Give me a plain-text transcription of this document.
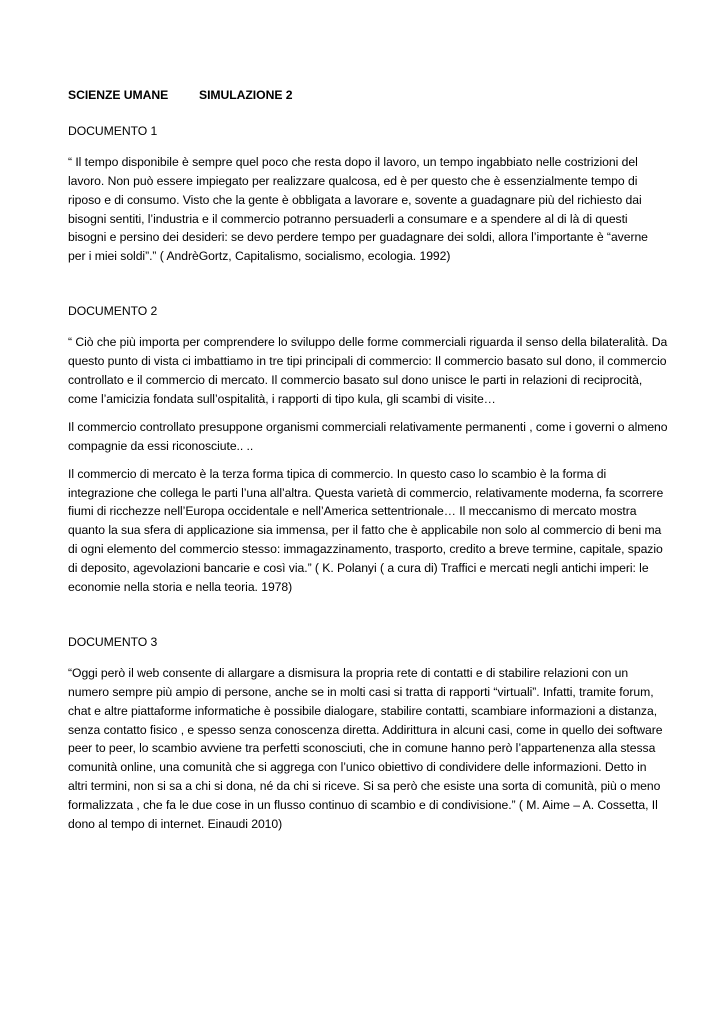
SCIENZE UMANE	SIMULAZIONE 2
DOCUMENTO 1

“ Il tempo disponibile è sempre quel poco che resta dopo il lavoro, un tempo ingabbiato nelle costrizioni del lavoro. Non può essere impiegato per realizzare qualcosa, ed è per questo che è essenzialmente tempo di riposo e di consumo. Visto che la gente è obbligata a lavorare e, sovente a guadagnare più del richiesto dai bisogni sentiti, l’industria e il commercio potranno persuaderli a consumare e a spendere al di là di questi bisogni e persino dei desideri: se devo perdere tempo per guadagnare dei soldi, allora l’importante è “averne per i miei soldi”.” ( AndrèGortz, Capitalismo, socialismo, ecologia. 1992)

DOCUMENTO 2

“ Ciò che più importa per comprendere lo sviluppo delle forme commerciali riguarda il senso della bilateralità. Da questo punto di vista ci imbattiamo in tre tipi principali di commercio: Il commercio basato sul dono, il commercio controllato e il commercio di mercato. Il commercio basato sul dono unisce le parti in relazioni di reciprocità, come l’amicizia fondata sull’ospitalità, i rapporti di tipo kula, gli scambi di visite…

Il commercio controllato presuppone organismi commerciali relativamente permanenti , come i governi o almeno compagnie da essi riconosciute.. ..

Il commercio di mercato è la terza forma tipica di commercio. In questo caso lo scambio è la forma di integrazione che collega le parti l’una all’altra. Questa varietà di commercio, relativamente moderna, fa scorrere fiumi di ricchezze nell’Europa occidentale e nell’America settentrionale… Il meccanismo di mercato mostra quanto la sua sfera di applicazione sia immensa, per il fatto che è applicabile non solo al commercio di beni ma di ogni elemento del commercio stesso: immagazzinamento, trasporto, credito a breve termine, capitale, spazio di deposito, agevolazioni bancarie e così via.” ( K. Polanyi ( a cura di) Traffici e mercati negli antichi imperi: le economie nella storia e nella teoria. 1978)

DOCUMENTO 3

“Oggi però il web consente di allargare a dismisura la propria rete di contatti e di stabilire relazioni con un numero sempre più ampio di persone, anche se in molti casi si tratta di rapporti “virtuali”. Infatti, tramite forum, chat e altre piattaforme informatiche è possibile dialogare, stabilire contatti, scambiare informazioni a distanza, senza contatto fisico , e spesso senza conoscenza diretta. Addirittura in alcuni casi, come in quello dei software peer to peer, lo scambio avviene tra perfetti sconosciuti, che in comune hanno però l’appartenenza alla stessa comunità online, una comunità che si aggrega con l’unico obiettivo di condividere delle informazioni. Detto in altri termini, non si sa a chi si dona, né da chi si riceve. Si sa però che esiste una sorta di comunità, più o meno formalizzata , che fa le due cose in un flusso continuo di scambio e di condivisione.” ( M. Aime – A. Cossetta, Il dono al tempo di internet. Einaudi 2010)
